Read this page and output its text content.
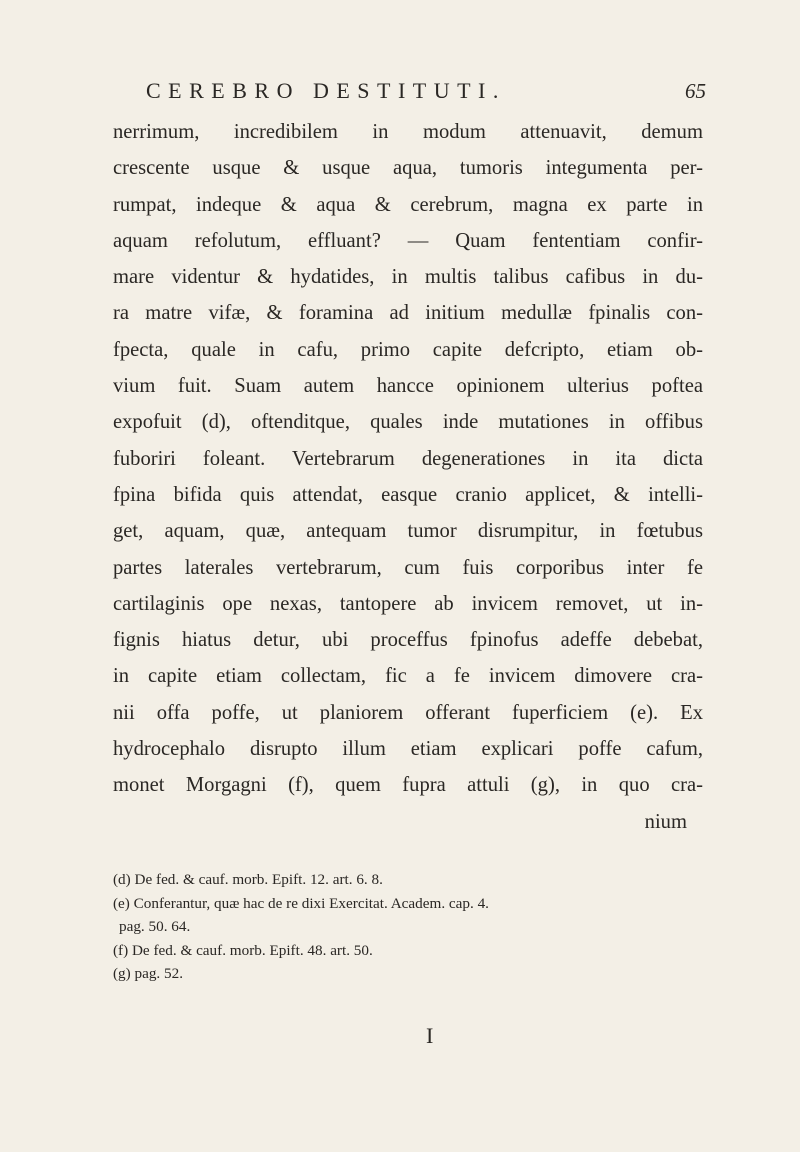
CEREBRO DESTITUTI.	65
nerrimum, incredibilem in modum attenuavit, demum
crescente usque & usque aqua, tumoris integumenta per-
rumpat, indeque & aqua & cerebrum, magna ex parte in
aquam refolutum, effluant? — Quam fententiam confir-
mare videntur & hydatides, in multis talibus cafibus in du-
ra matre vifæ, & foramina ad initium medullæ fpinalis con-
fpecta, quale in cafu, primo capite defcripto, etiam ob-
vium fuit. Suam autem hancce opinionem ulterius poftea
expofuit (d), oftenditque, quales inde mutationes in offibus
fuboriri foleant. Vertebrarum degenerationes in ita dicta
fpina bifida quis attendat, easque cranio applicet, & intelli-
get, aquam, quæ, antequam tumor disrumpitur, in fœtubus
partes laterales vertebrarum, cum fuis corporibus inter fe
cartilaginis ope nexas, tantopere ab invicem removet, ut in-
fignis hiatus detur, ubi proceffus fpinofus adeffe debebat,
in capite etiam collectam, fic a fe invicem dimovere cra-
nii offa poffe, ut planiorem offerant fuperficiem (e). Ex
hydrocephalo disrupto illum etiam explicari poffe cafum,
monet Morgagni (f), quem fupra attuli (g), in quo cra-
nium
(d) De fed. & cauf. morb. Epift. 12. art. 6. 8.
(e) Conferantur, quæ hac de re dixi Exercitat. Academ. cap. 4.
pag. 50. 64.
(f) De fed. & cauf. morb. Epift. 48. art. 50.
(g) pag. 52.
I
